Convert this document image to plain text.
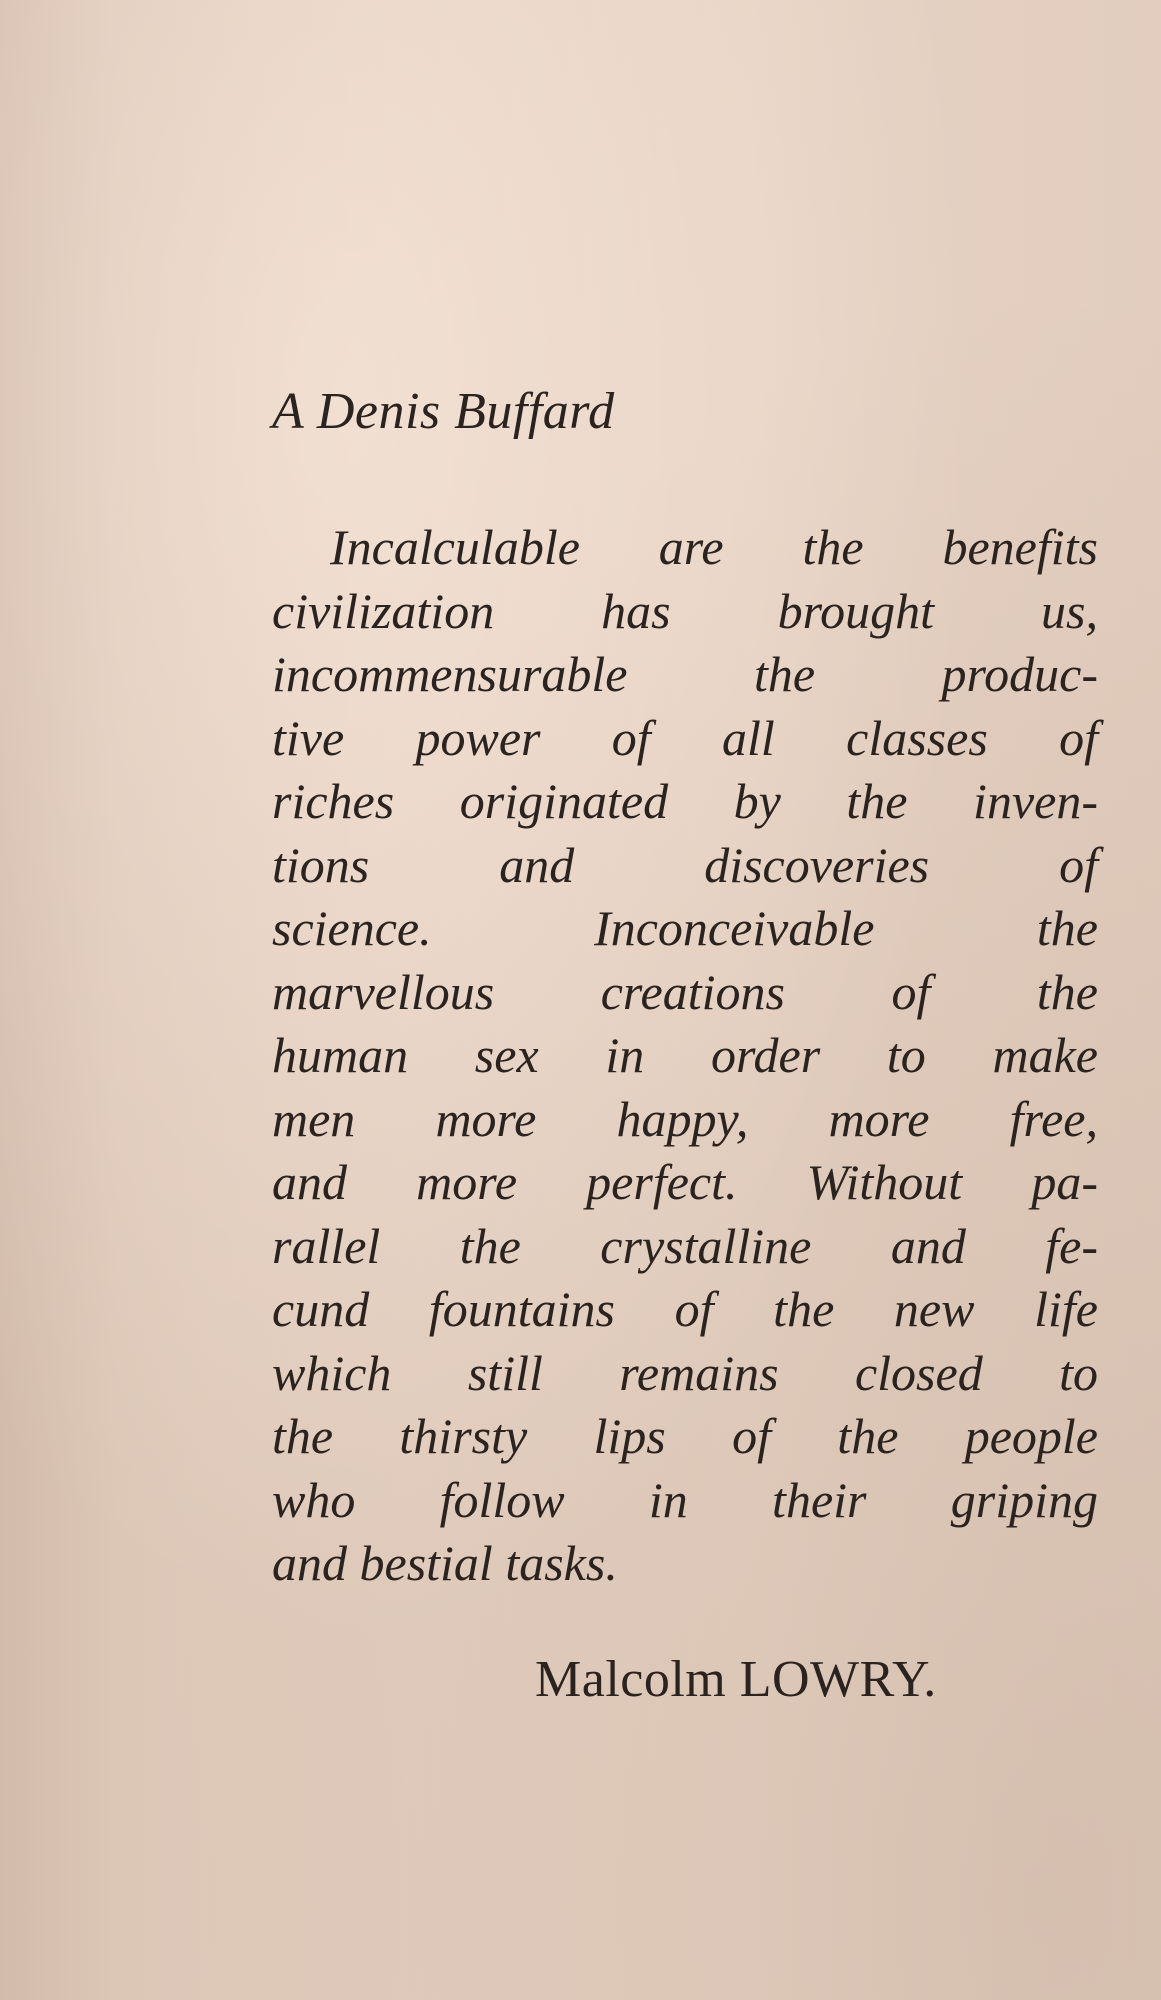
A Denis Buffard

Incalculable are the benefits
civilization has brought us,
incommensurable the produc-
tive power of all classes of
riches originated by the inven-
tions and discoveries of
science. Inconceivable the
marvellous creations of the
human sex in order to make
men more happy, more free,
and more perfect. Without pa-
rallel the crystalline and fe-
cund fountains of the new life
which still remains closed to
the thirsty lips of the people
who follow in their griping
and bestial tasks.

Malcolm LOWRY.
